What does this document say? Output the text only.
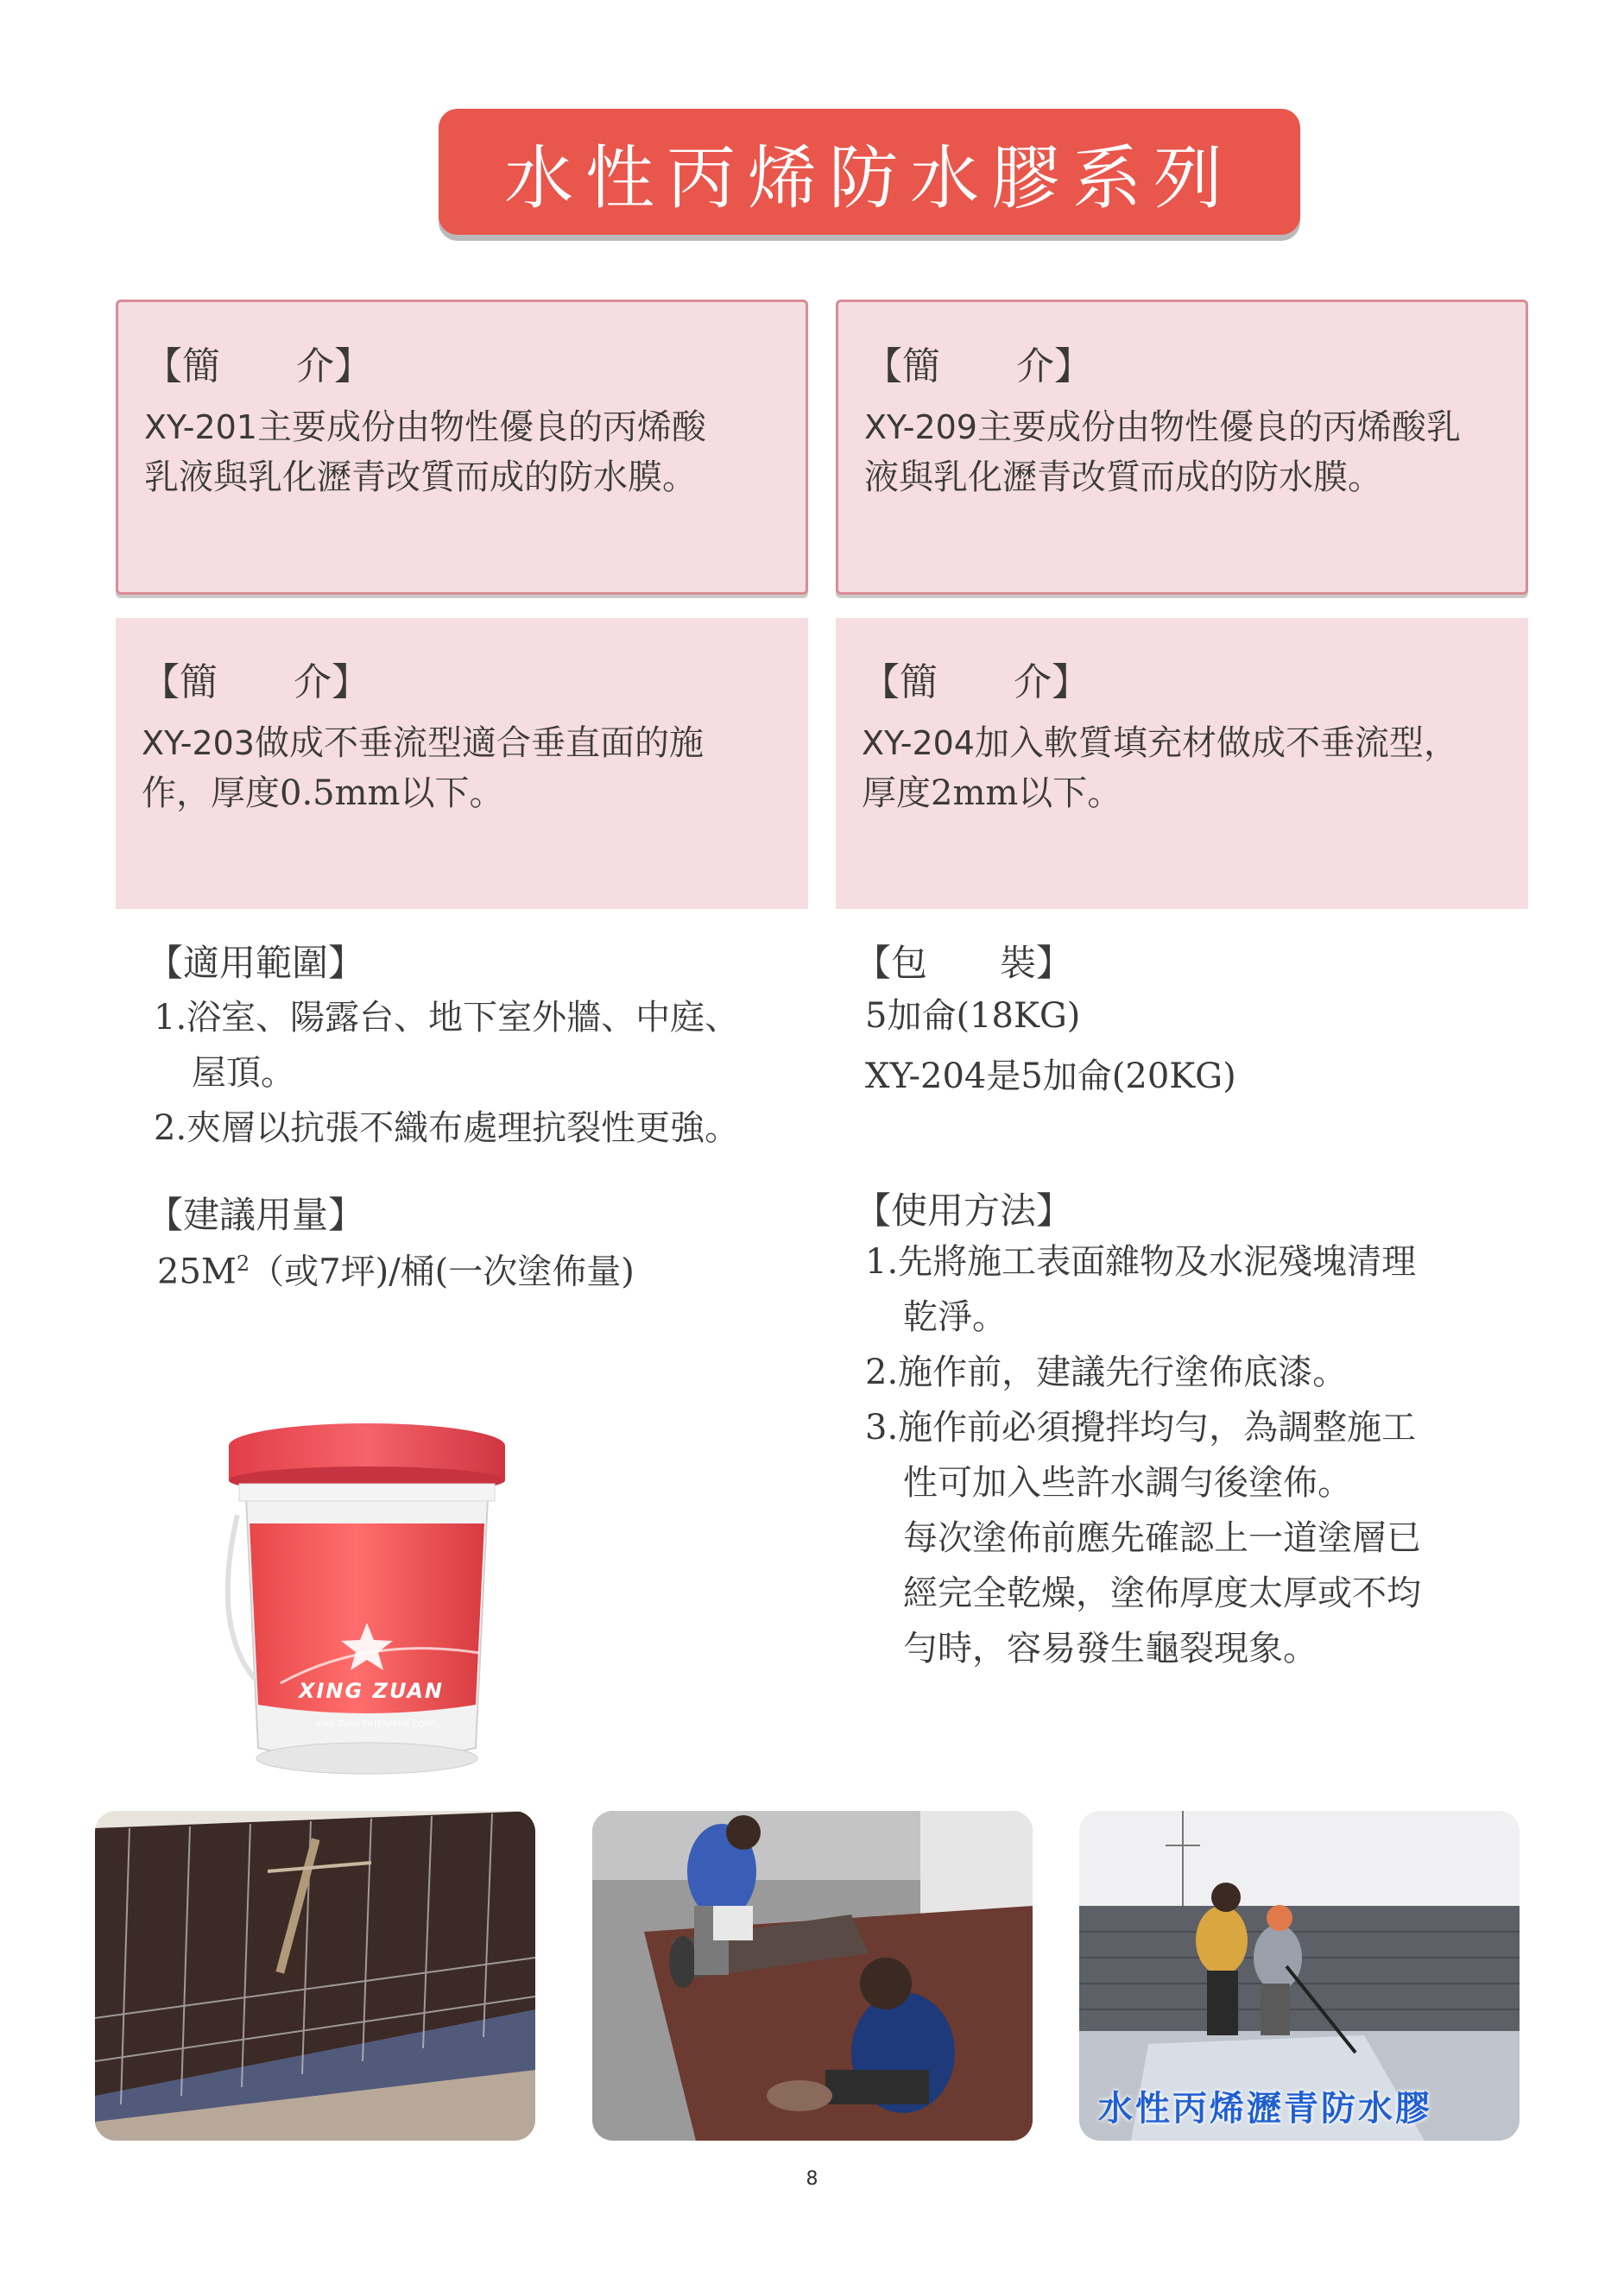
水性丙烯防水膠系列
【簡　　介】
XY-201主要成份由物性優良的丙烯酸
乳液與乳化瀝青改質而成的防水膜。
【簡　　介】
XY-209主要成份由物性優良的丙烯酸乳
液與乳化瀝青改質而成的防水膜。
【簡　　介】
XY-203做成不垂流型適合垂直面的施
作，厚度0.5mm以下。
【簡　　介】
XY-204加入軟質填充材做成不垂流型，
厚度2mm以下。
【適用範圍】
1.浴室、陽露台、地下室外牆、中庭、
屋頂。
2.夾層以抗張不織布處理抗裂性更強。
【包　　裝】
5加侖(18KG)
XY-204是5加侖(20KG)
【建議用量】
$25M^2$（或7坪)/桶(一次塗佈量)
【使用方法】
1.先將施工表面雜物及水泥殘塊清理
乾淨。
2.施作前，建議先行塗佈底漆。
3.施作前必須攪拌均勻，為調整施工
性可加入些許水調勻後塗佈。
每次塗佈前應先確認上一道塗層已
經完全乾燥，塗佈厚度太厚或不均
勻時，容易發生龜裂現象。
XING ZUAN
XING ZUAN ENTERPRISE CORP.
水性丙烯瀝青防水膠
8
